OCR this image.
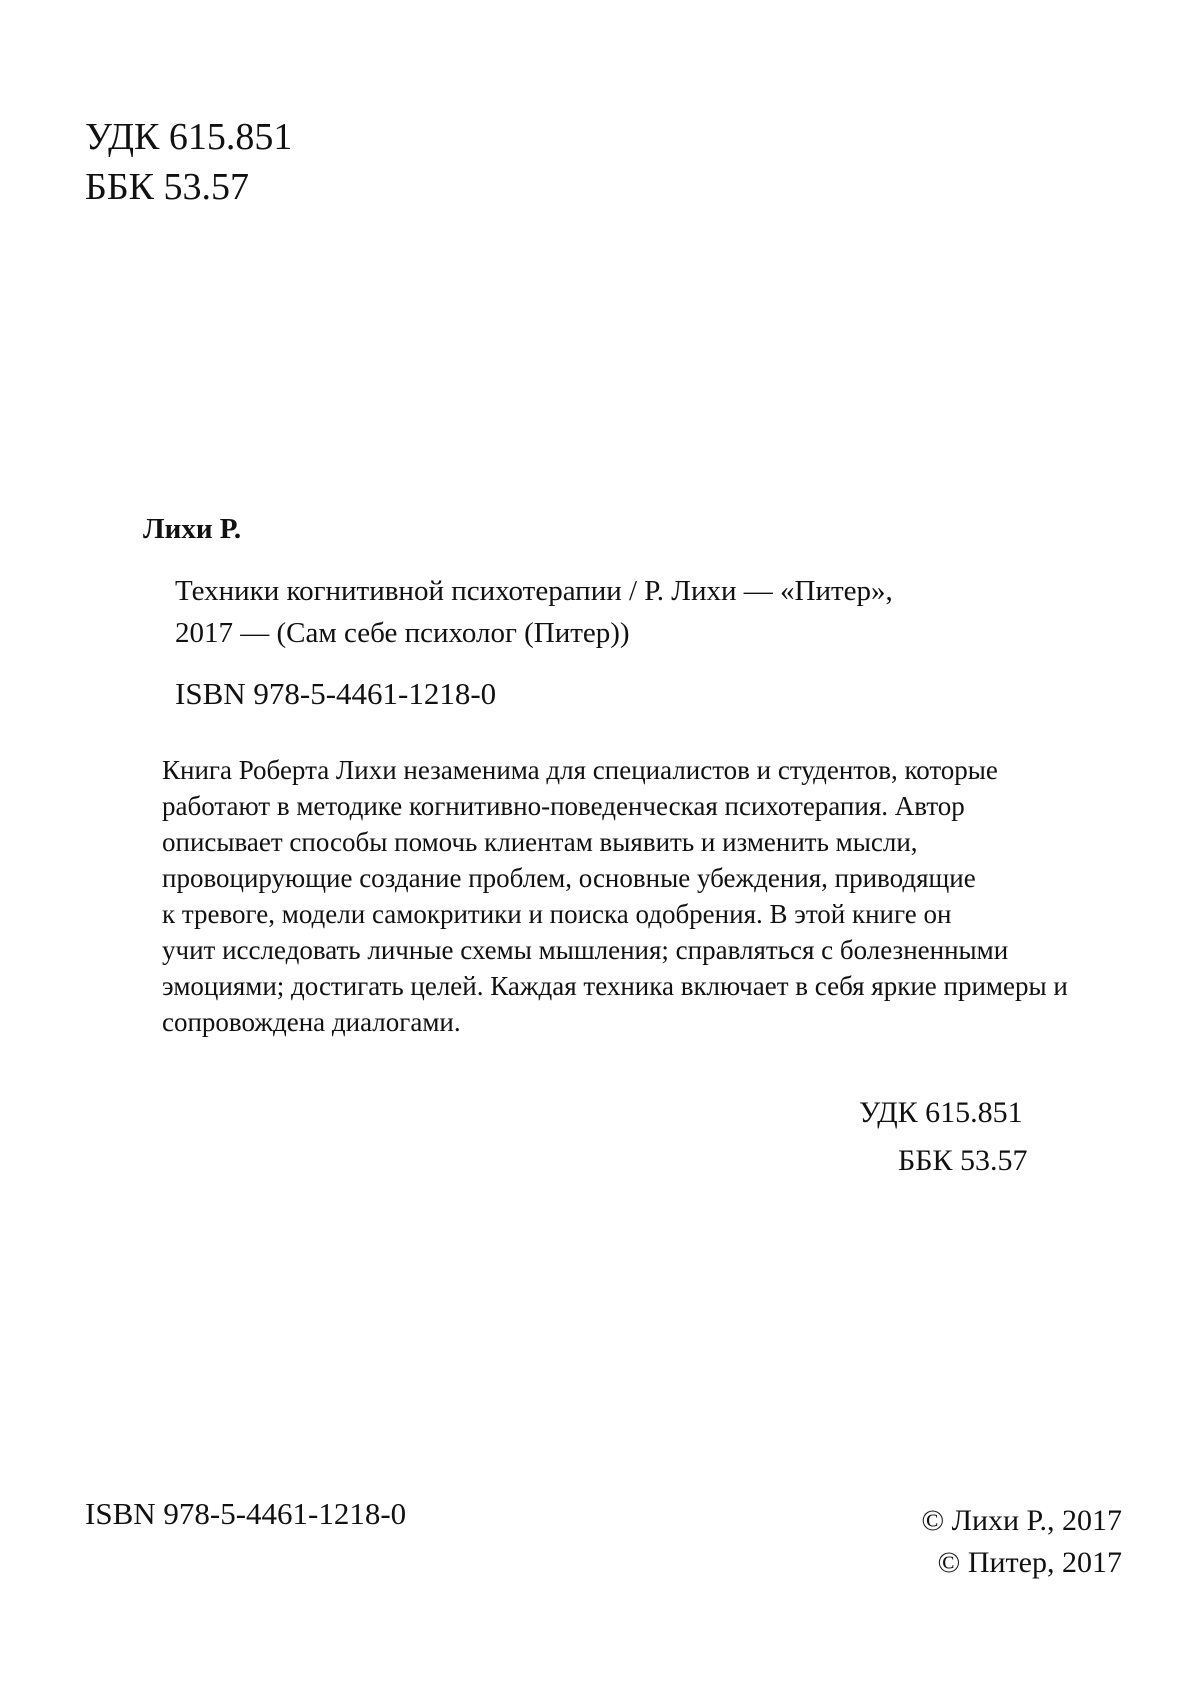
УДК 615.851
ББК 53.57
Лихи Р.
Техники когнитивной психотерапии / Р. Лихи — «Питер»,
2017 — (Сам себе психолог (Питер))
ISBN 978-5-4461-1218-0
Книга Роберта Лихи незаменима для специалистов и студентов, которые
работают в методике когнитивно-поведенческая психотерапия. Автор
описывает способы помочь клиентам выявить и изменить мысли,
провоцирующие создание проблем, основные убеждения, приводящие
к тревоге, модели самокритики и поиска одобрения. В этой книге он
учит исследовать личные схемы мышления; справляться с болезненными
эмоциями; достигать целей. Каждая техника включает в себя яркие примеры и
сопровождена диалогами.
УДК 615.851
ББК 53.57
ISBN 978-5-4461-1218-0	© Лихи Р., 2017
© Питер, 2017
